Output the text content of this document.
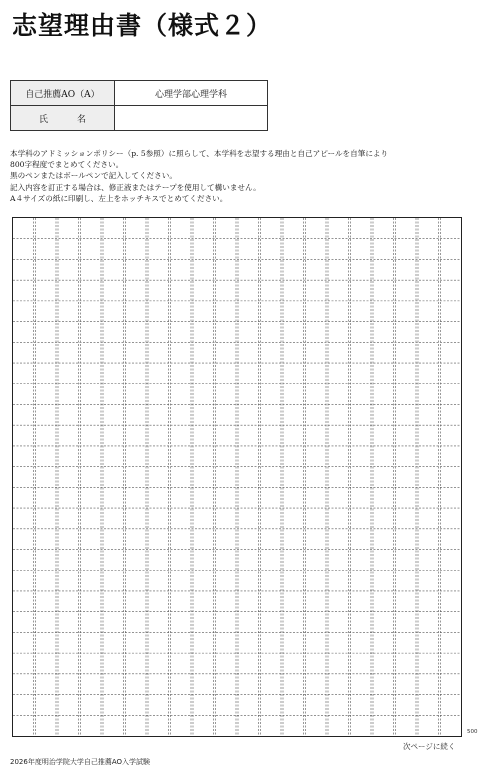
志望理由書（様式２）
自己推薦AO（A）	心理学部心理学科
氏　名	
本学科のアドミッションポリシー（p. 5参照）に照らして、本学科を志望する理由と自己アピールを自筆により
800字程度でまとめてください。
黒のペンまたはボールペンで記入してください。
記入内容を訂正する場合は、修正液またはテープを使用して構いません。
A４サイズの紙に印刷し、左上をホッチキスでとめてください。
500
次ページに続く
2026年度明治学院大学自己推薦AO入学試験
